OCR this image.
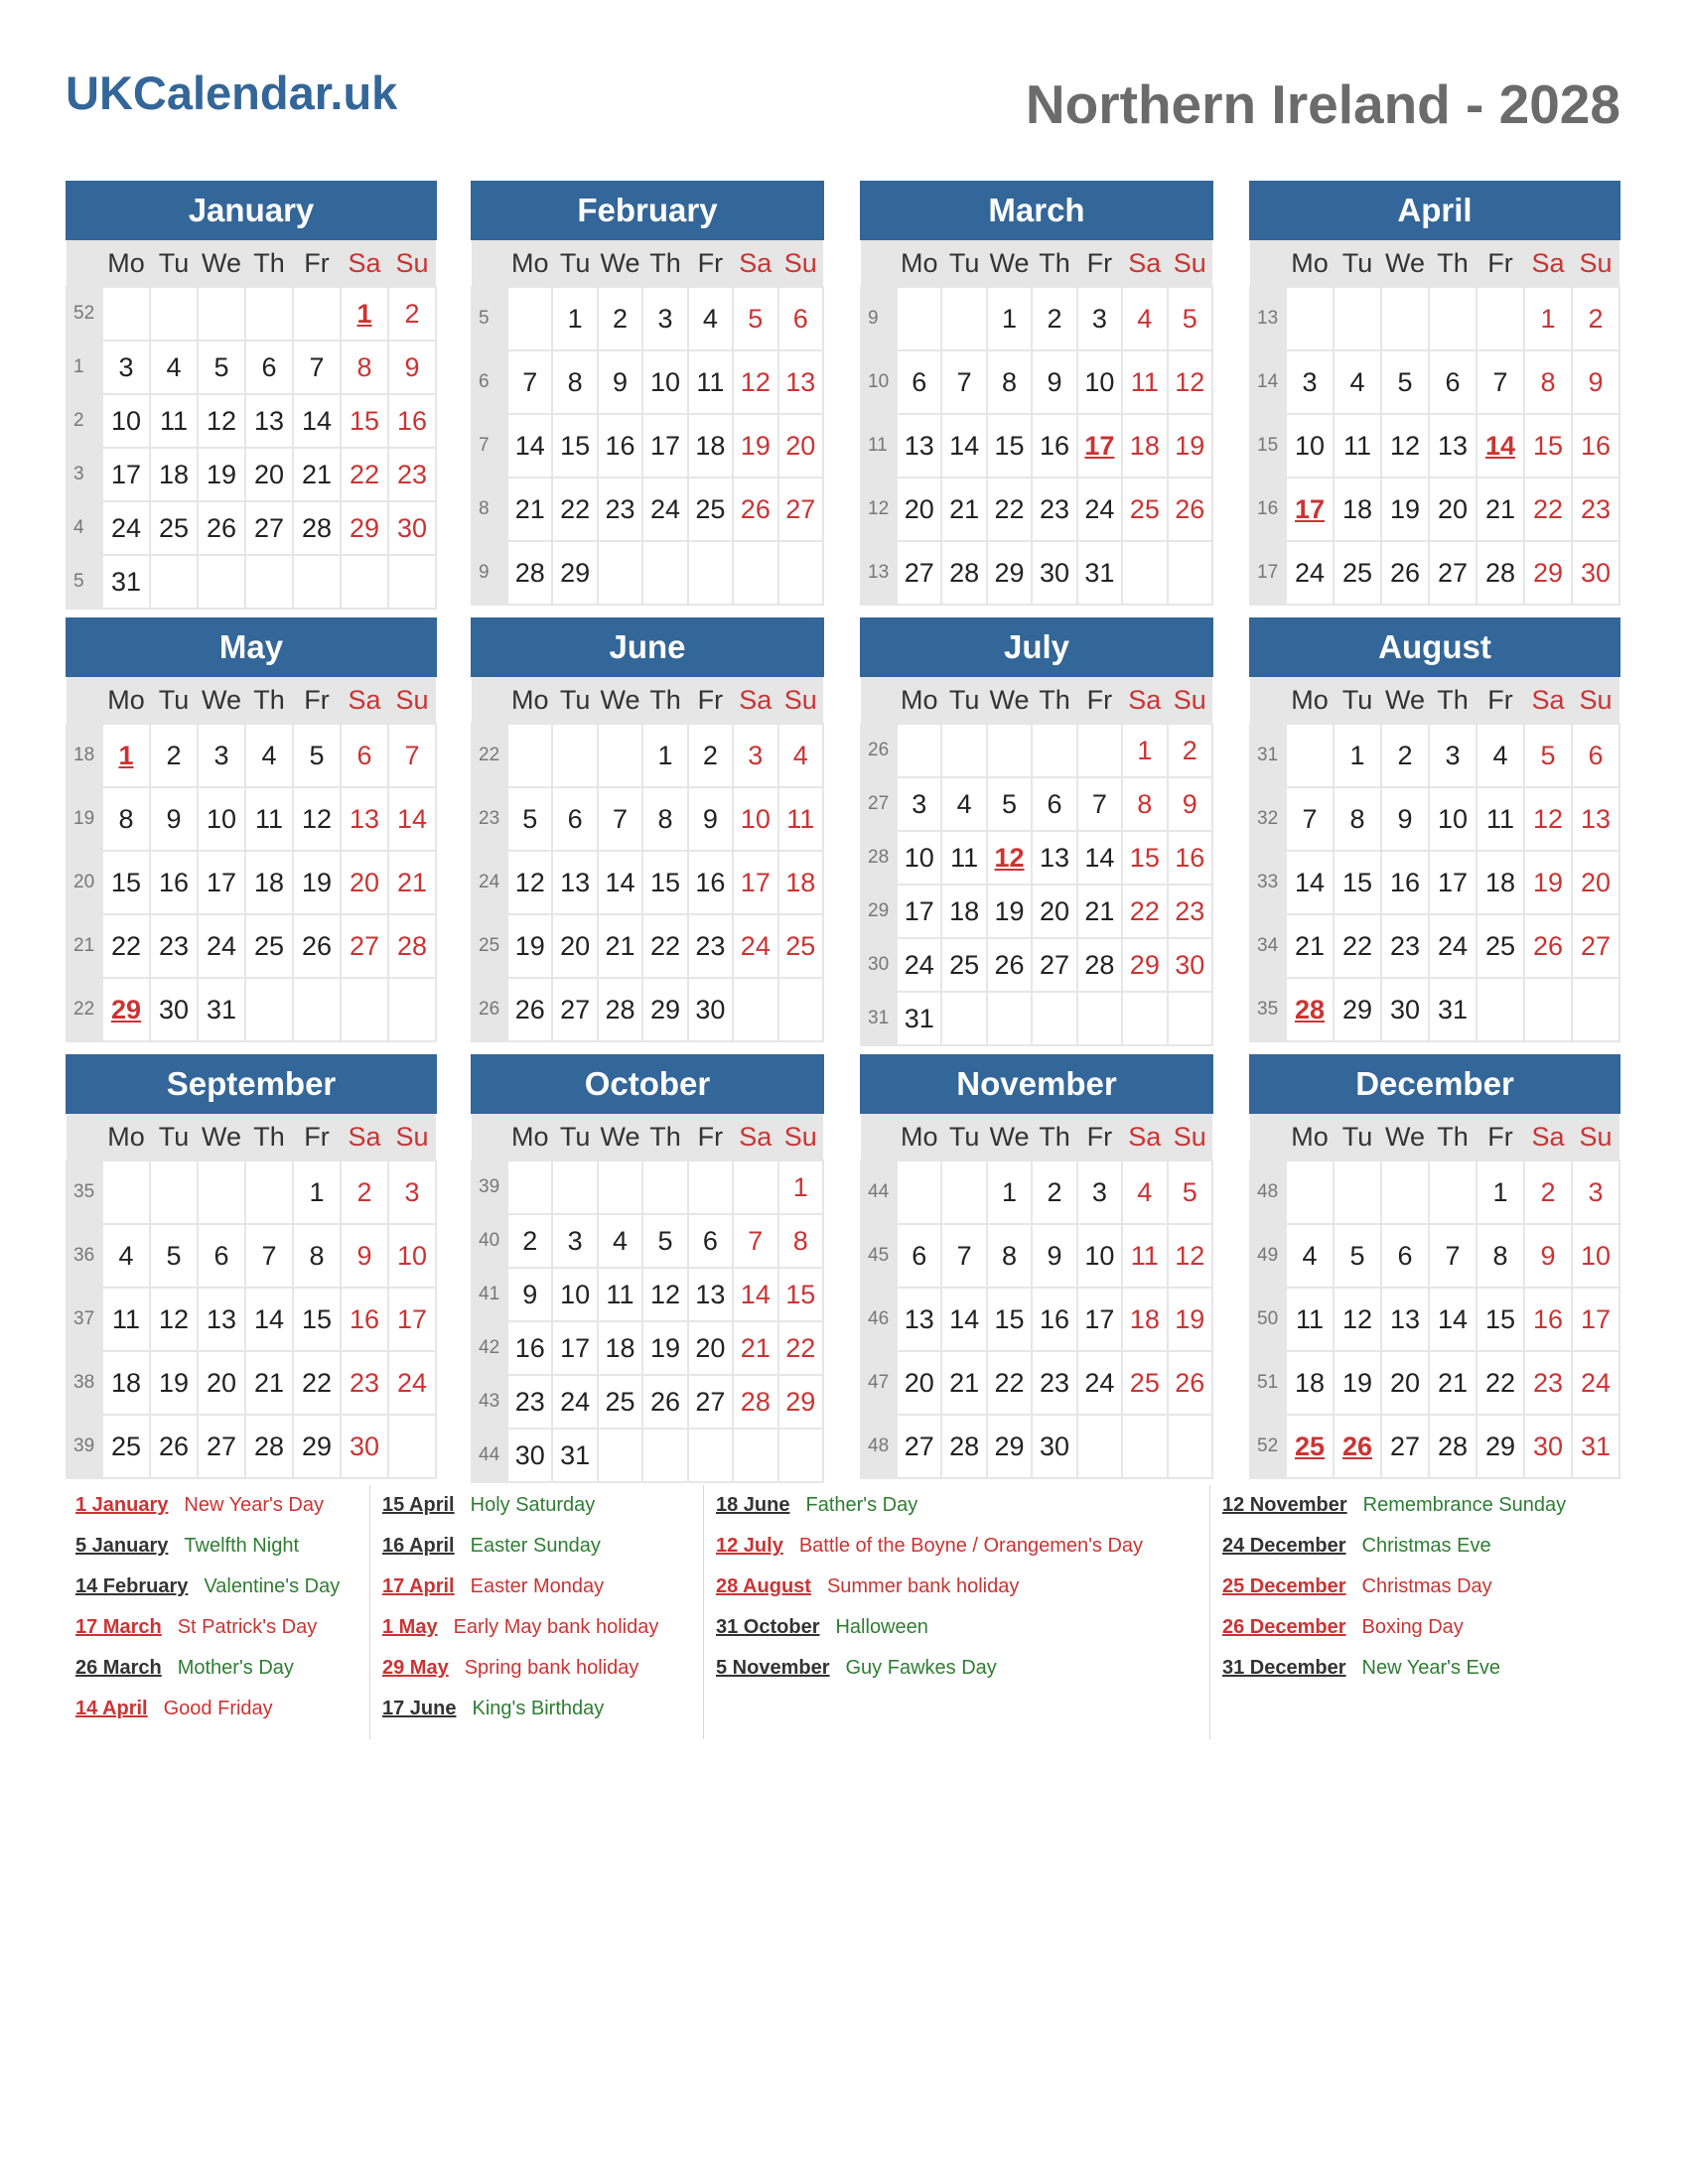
UKCalendar.uk	Northern Ireland - 2028
January
	Mo	Tu	We	Th	Fr	Sa	Su
52						1	2
1	3	4	5	6	7	8	9
2	10	11	12	13	14	15	16
3	17	18	19	20	21	22	23
4	24	25	26	27	28	29	30
5	31						
February
	Mo	Tu	We	Th	Fr	Sa	Su
5		1	2	3	4	5	6
6	7	8	9	10	11	12	13
7	14	15	16	17	18	19	20
8	21	22	23	24	25	26	27
9	28	29					
March
	Mo	Tu	We	Th	Fr	Sa	Su
9			1	2	3	4	5
10	6	7	8	9	10	11	12
11	13	14	15	16	17	18	19
12	20	21	22	23	24	25	26
13	27	28	29	30	31		
April
	Mo	Tu	We	Th	Fr	Sa	Su
13						1	2
14	3	4	5	6	7	8	9
15	10	11	12	13	14	15	16
16	17	18	19	20	21	22	23
17	24	25	26	27	28	29	30
May
	Mo	Tu	We	Th	Fr	Sa	Su
18	1	2	3	4	5	6	7
19	8	9	10	11	12	13	14
20	15	16	17	18	19	20	21
21	22	23	24	25	26	27	28
22	29	30	31				
June
	Mo	Tu	We	Th	Fr	Sa	Su
22				1	2	3	4
23	5	6	7	8	9	10	11
24	12	13	14	15	16	17	18
25	19	20	21	22	23	24	25
26	26	27	28	29	30		
July
	Mo	Tu	We	Th	Fr	Sa	Su
26						1	2
27	3	4	5	6	7	8	9
28	10	11	12	13	14	15	16
29	17	18	19	20	21	22	23
30	24	25	26	27	28	29	30
31	31						
August
	Mo	Tu	We	Th	Fr	Sa	Su
31		1	2	3	4	5	6
32	7	8	9	10	11	12	13
33	14	15	16	17	18	19	20
34	21	22	23	24	25	26	27
35	28	29	30	31			
September
	Mo	Tu	We	Th	Fr	Sa	Su
35					1	2	3
36	4	5	6	7	8	9	10
37	11	12	13	14	15	16	17
38	18	19	20	21	22	23	24
39	25	26	27	28	29	30	
October
	Mo	Tu	We	Th	Fr	Sa	Su
39							1
40	2	3	4	5	6	7	8
41	9	10	11	12	13	14	15
42	16	17	18	19	20	21	22
43	23	24	25	26	27	28	29
44	30	31					
November
	Mo	Tu	We	Th	Fr	Sa	Su
44			1	2	3	4	5
45	6	7	8	9	10	11	12
46	13	14	15	16	17	18	19
47	20	21	22	23	24	25	26
48	27	28	29	30			
December
	Mo	Tu	We	Th	Fr	Sa	Su
48					1	2	3
49	4	5	6	7	8	9	10
50	11	12	13	14	15	16	17
51	18	19	20	21	22	23	24
52	25	26	27	28	29	30	31
1 January New Year's Day
5 January Twelfth Night
14 February Valentine's Day
17 March St Patrick's Day
26 March Mother's Day
14 April Good Friday
15 April Holy Saturday
16 April Easter Sunday
17 April Easter Monday
1 May Early May bank holiday
29 May Spring bank holiday
17 June King's Birthday
18 June Father's Day
12 July Battle of the Boyne / Orangemen's Day
28 August Summer bank holiday
31 October Halloween
5 November Guy Fawkes Day
12 November Remembrance Sunday
24 December Christmas Eve
25 December Christmas Day
26 December Boxing Day
31 December New Year's Eve
